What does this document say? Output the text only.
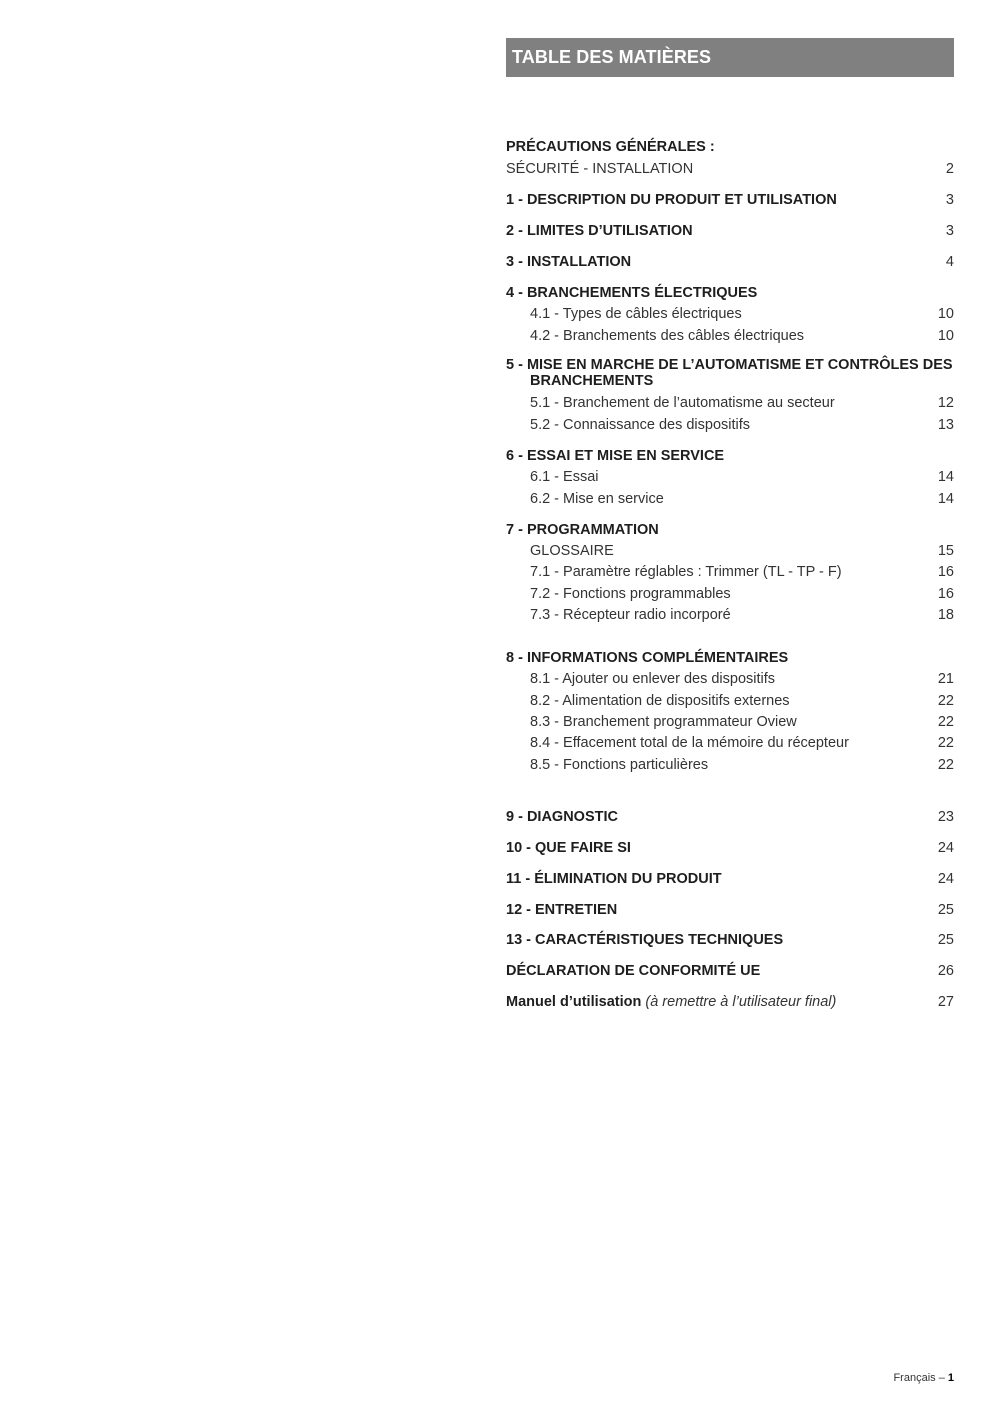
TABLE DES MATIÈRES
PRÉCAUTIONS GÉNÉRALES :
SÉCURITÉ - INSTALLATION	2
1 - DESCRIPTION DU PRODUIT ET UTILISATION	3
2 - LIMITES D’UTILISATION	3
3 - INSTALLATION	4
4 - BRANCHEMENTS ÉLECTRIQUES
4.1 - Types de câbles électriques	10
4.2 - Branchements des câbles électriques	10
5 - MISE EN MARCHE DE L’AUTOMATISME ET CONTRÔLES DES BRANCHEMENTS
5.1 - Branchement de l’automatisme au secteur	12
5.2 - Connaissance des dispositifs	13
6 - ESSAI ET MISE EN SERVICE
6.1 - Essai	14
6.2 - Mise en service	14
7 - PROGRAMMATION
GLOSSAIRE	15
7.1 - Paramètre réglables : Trimmer (TL - TP - F)	16
7.2 - Fonctions programmables	16
7.3 - Récepteur radio incorporé	18
8 - INFORMATIONS COMPLÉMENTAIRES
8.1 - Ajouter ou enlever des dispositifs	21
8.2 - Alimentation de dispositifs externes	22
8.3 - Branchement programmateur Oview	22
8.4 - Effacement total de la mémoire du récepteur	22
8.5 - Fonctions particulières	22
9 - DIAGNOSTIC	23
10 - QUE FAIRE SI	24
11 - ÉLIMINATION DU PRODUIT	24
12 - ENTRETIEN	25
13 - CARACTÉRISTIQUES TECHNIQUES	25
DÉCLARATION DE CONFORMITÉ UE	26
Manuel d’utilisation (à remettre à l’utilisateur final)	27
Français – 1
